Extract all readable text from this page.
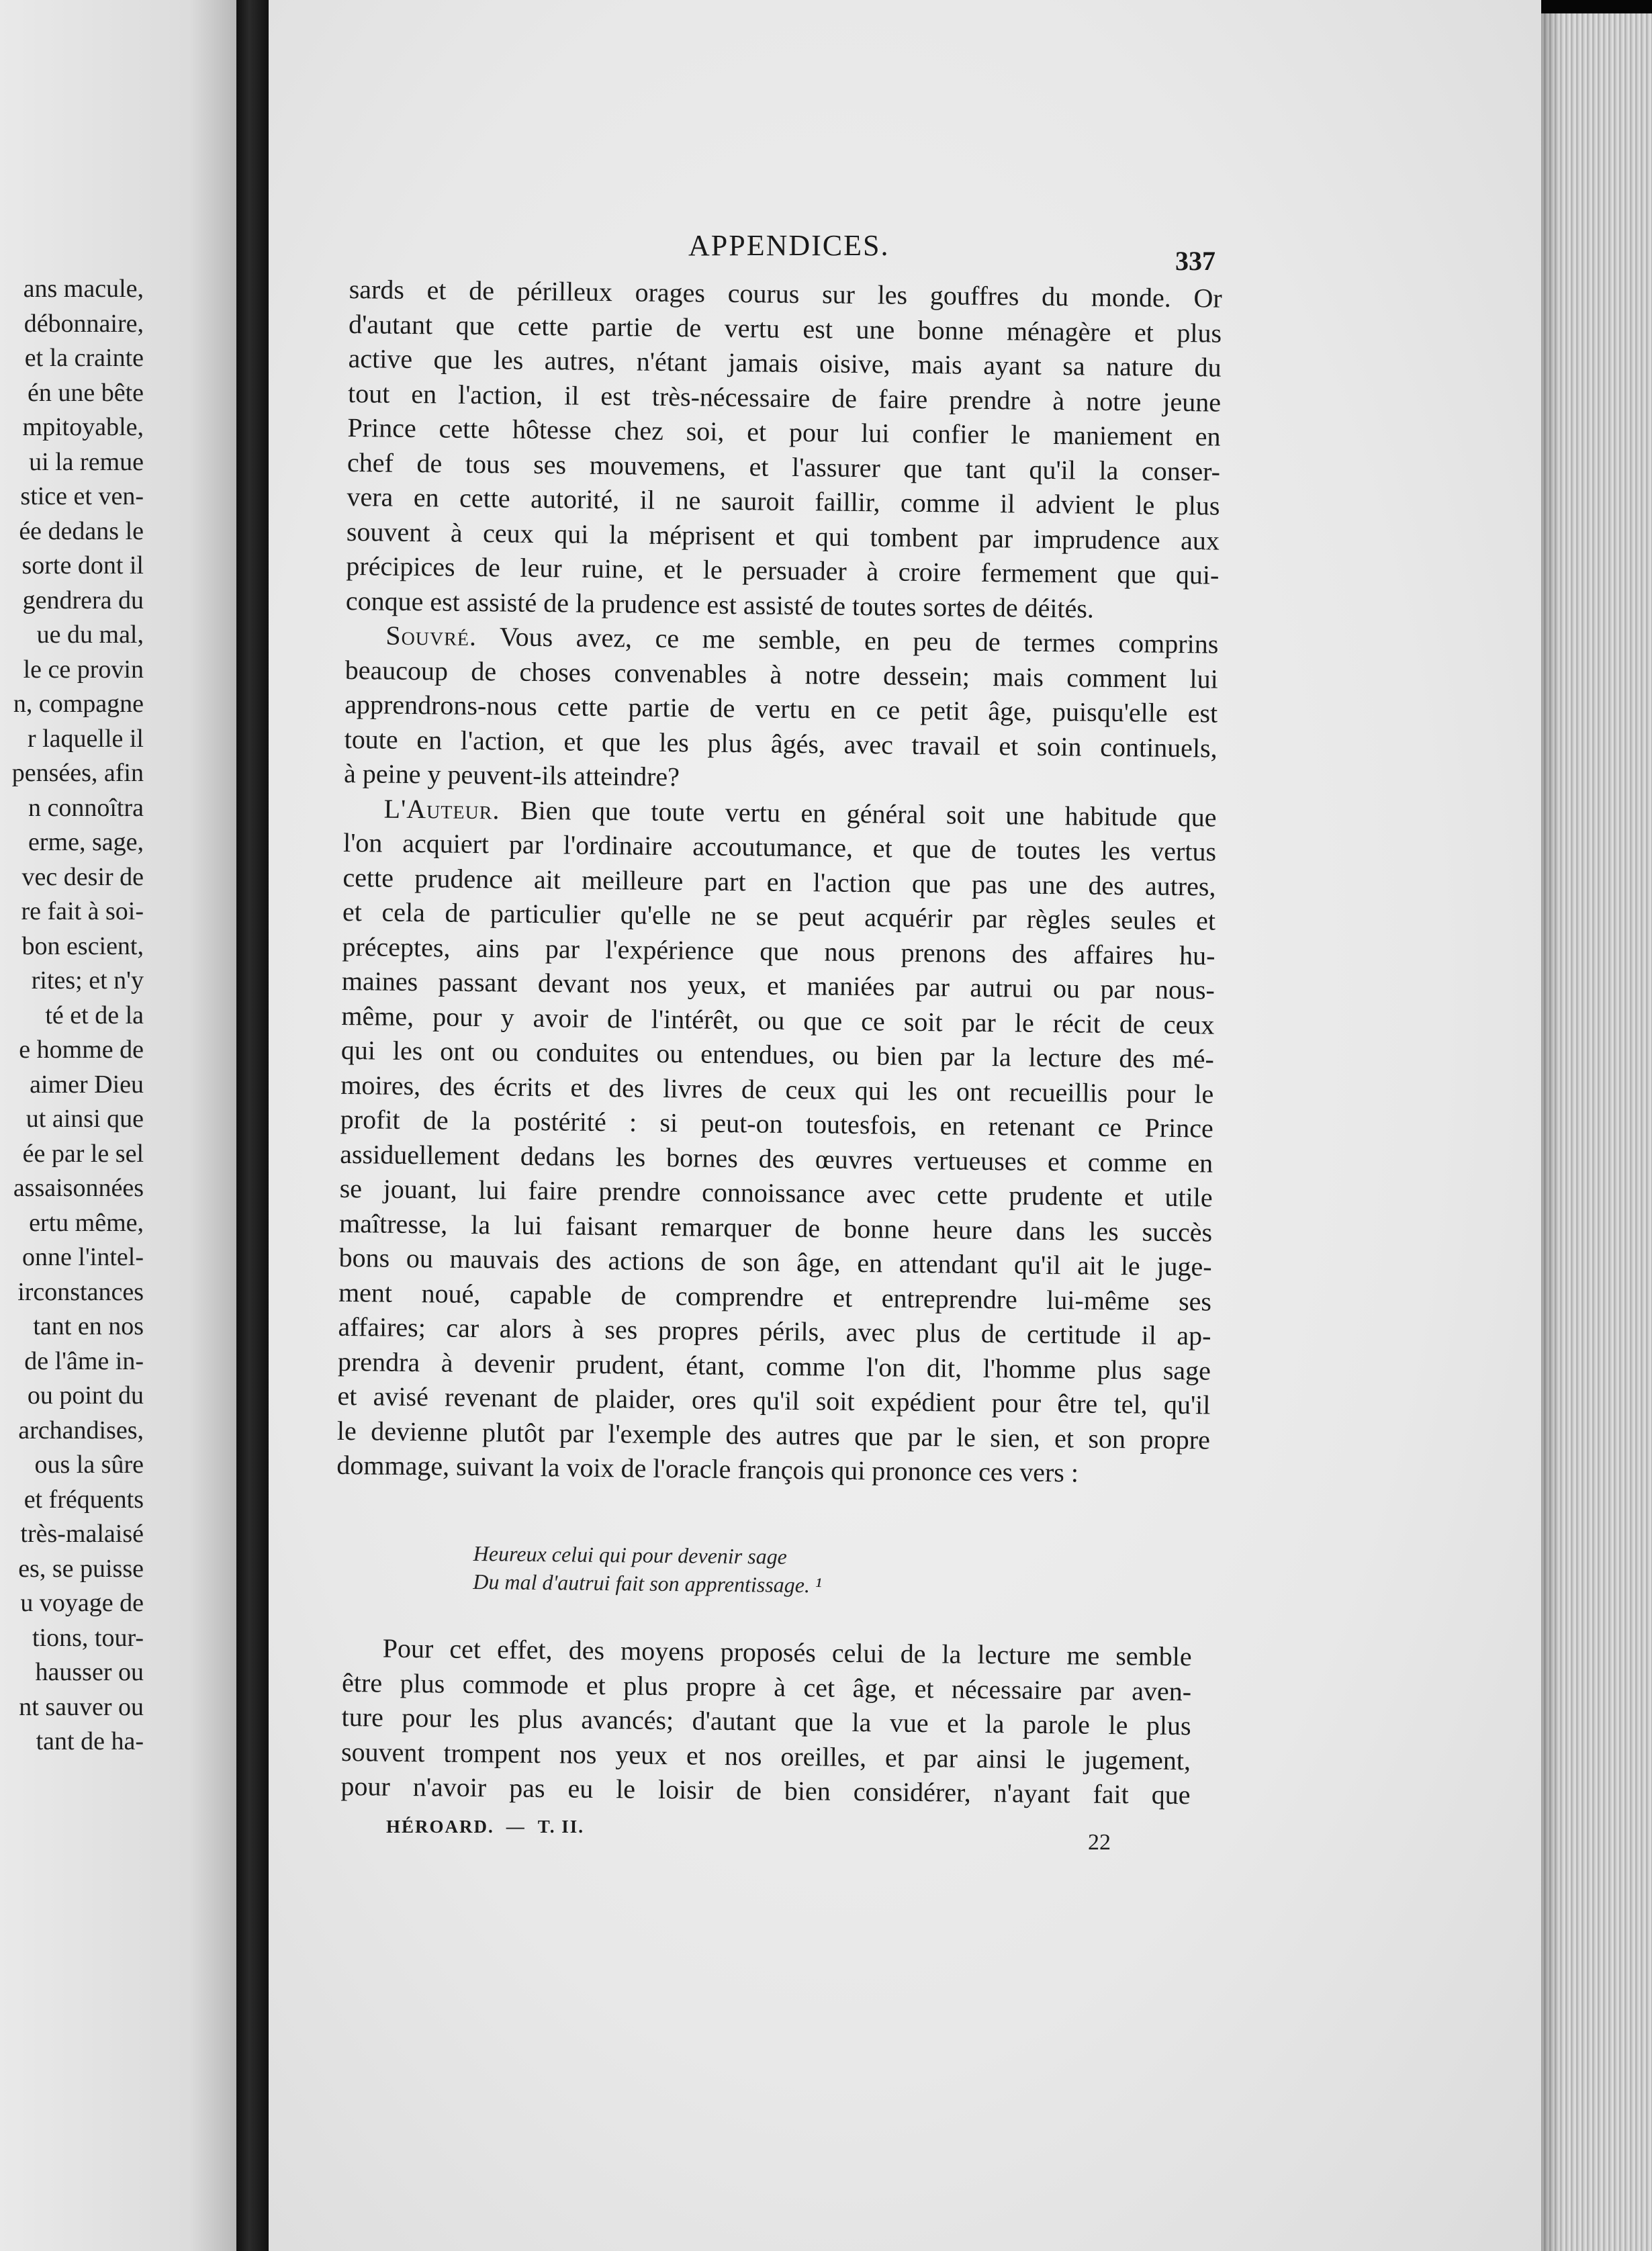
ans macule,
débonnaire,
et la crainte
én une bête
mpitoyable,
ui la remue
stice et ven-
ée dedans le
sorte dont il
gendrera du
ue du mal,
le ce provin
n, compagne
r laquelle il
pensées, afin
n connoîtra
erme, sage,
vec desir de
re fait à soi-
bon escient,
rites; et n'y
té et de la
e homme de
aimer Dieu
ut ainsi que
ée par le sel
assaisonnées
ertu même,
onne l'intel-
irconstances
tant en nos
de l'âme in-
ou point du
archandises,
ous la sûre
et fréquents
très-malaisé
es, se puisse
u voyage de
tions, tour-
hausser ou
nt sauver ou
tant de ha-
APPENDICES.	337
sards et de périlleux orages courus sur les gouffres du monde. Or
d'autant que cette partie de vertu est une bonne ménagère et plus
active que les autres, n'étant jamais oisive, mais ayant sa nature du
tout en l'action, il est très-nécessaire de faire prendre à notre jeune
Prince cette hôtesse chez soi, et pour lui confier le maniement en
chef de tous ses mouvemens, et l'assurer que tant qu'il la conser-
vera en cette autorité, il ne sauroit faillir, comme il advient le plus
souvent à ceux qui la méprisent et qui tombent par imprudence aux
précipices de leur ruine, et le persuader à croire fermement que qui-
conque est assisté de la prudence est assisté de toutes sortes de déités.
Souvré. Vous avez, ce me semble, en peu de termes comprins
beaucoup de choses convenables à notre dessein; mais comment lui
apprendrons-nous cette partie de vertu en ce petit âge, puisqu'elle est
toute en l'action, et que les plus âgés, avec travail et soin continuels,
à peine y peuvent-ils atteindre?
L'Auteur. Bien que toute vertu en général soit une habitude que
l'on acquiert par l'ordinaire accoutumance, et que de toutes les vertus
cette prudence ait meilleure part en l'action que pas une des autres,
et cela de particulier qu'elle ne se peut acquérir par règles seules et
préceptes, ains par l'expérience que nous prenons des affaires hu-
maines passant devant nos yeux, et maniées par autrui ou par nous-
même, pour y avoir de l'intérêt, ou que ce soit par le récit de ceux
qui les ont ou conduites ou entendues, ou bien par la lecture des mé-
moires, des écrits et des livres de ceux qui les ont recueillis pour le
profit de la postérité : si peut-on toutesfois, en retenant ce Prince
assiduellement dedans les bornes des œuvres vertueuses et comme en
se jouant, lui faire prendre connoissance avec cette prudente et utile
maîtresse, la lui faisant remarquer de bonne heure dans les succès
bons ou mauvais des actions de son âge, en attendant qu'il ait le juge-
ment noué, capable de comprendre et entreprendre lui-même ses
affaires; car alors à ses propres périls, avec plus de certitude il ap-
prendra à devenir prudent, étant, comme l'on dit, l'homme plus sage
et avisé revenant de plaider, ores qu'il soit expédient pour être tel, qu'il
le devienne plutôt par l'exemple des autres que par le sien, et son propre
dommage, suivant la voix de l'oracle françois qui prononce ces vers :
Heureux celui qui pour devenir sage
Du mal d'autrui fait son apprentissage. ¹
Pour cet effet, des moyens proposés celui de la lecture me semble
être plus commode et plus propre à cet âge, et nécessaire par aven-
ture pour les plus avancés; d'autant que la vue et la parole le plus
souvent trompent nos yeux et nos oreilles, et par ainsi le jugement,
pour n'avoir pas eu le loisir de bien considérer, n'ayant fait que
HÉROARD. — T. II.
22
